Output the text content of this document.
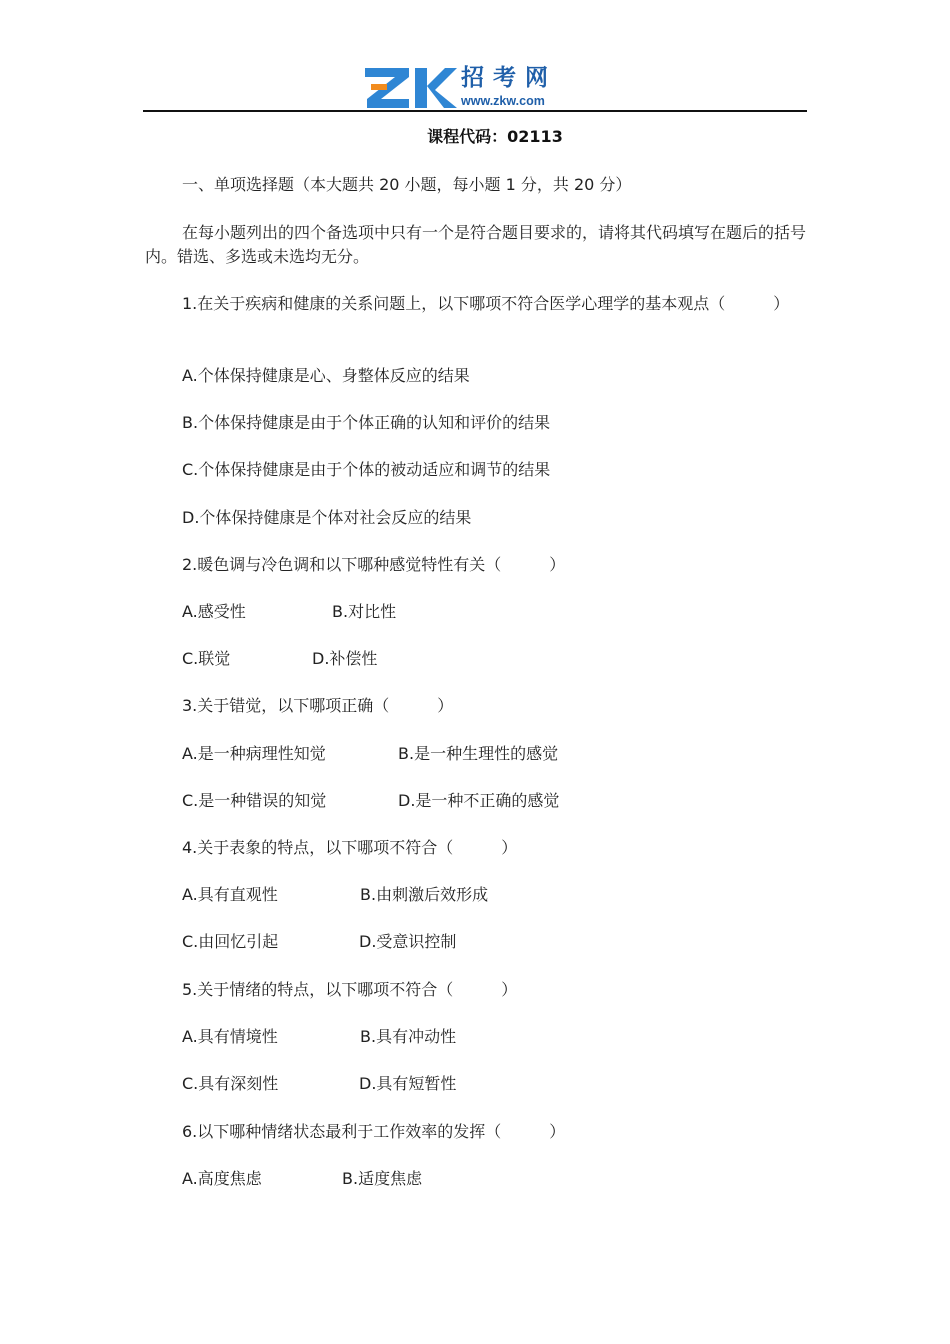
招考网
www.zkw.com
课程代码：02113
一、单项选择题（本大题共 20 小题，每小题 1 分，共 20 分）
在每小题列出的四个备选项中只有一个是符合题目要求的，请将其代码填写在题后的括号内。错选、多选或未选均无分。
1.在关于疾病和健康的关系问题上，以下哪项不符合医学心理学的基本观点（　　　）
A.个体保持健康是心、身整体反应的结果
B.个体保持健康是由于个体正确的认知和评价的结果
C.个体保持健康是由于个体的被动适应和调节的结果
D.个体保持健康是个体对社会反应的结果
2.暖色调与冷色调和以下哪种感觉特性有关（　　　）
A.感受性	B.对比性
C.联觉	D.补偿性
3.关于错觉，以下哪项正确（　　　）
A.是一种病理性知觉	B.是一种生理性的感觉
C.是一种错误的知觉	D.是一种不正确的感觉
4.关于表象的特点，以下哪项不符合（　　　）
A.具有直观性	B.由刺激后效形成
C.由回忆引起	D.受意识控制
5.关于情绪的特点，以下哪项不符合（　　　）
A.具有情境性	B.具有冲动性
C.具有深刻性	D.具有短暂性
6.以下哪种情绪状态最利于工作效率的发挥（　　　）
A.高度焦虑	B.适度焦虑
